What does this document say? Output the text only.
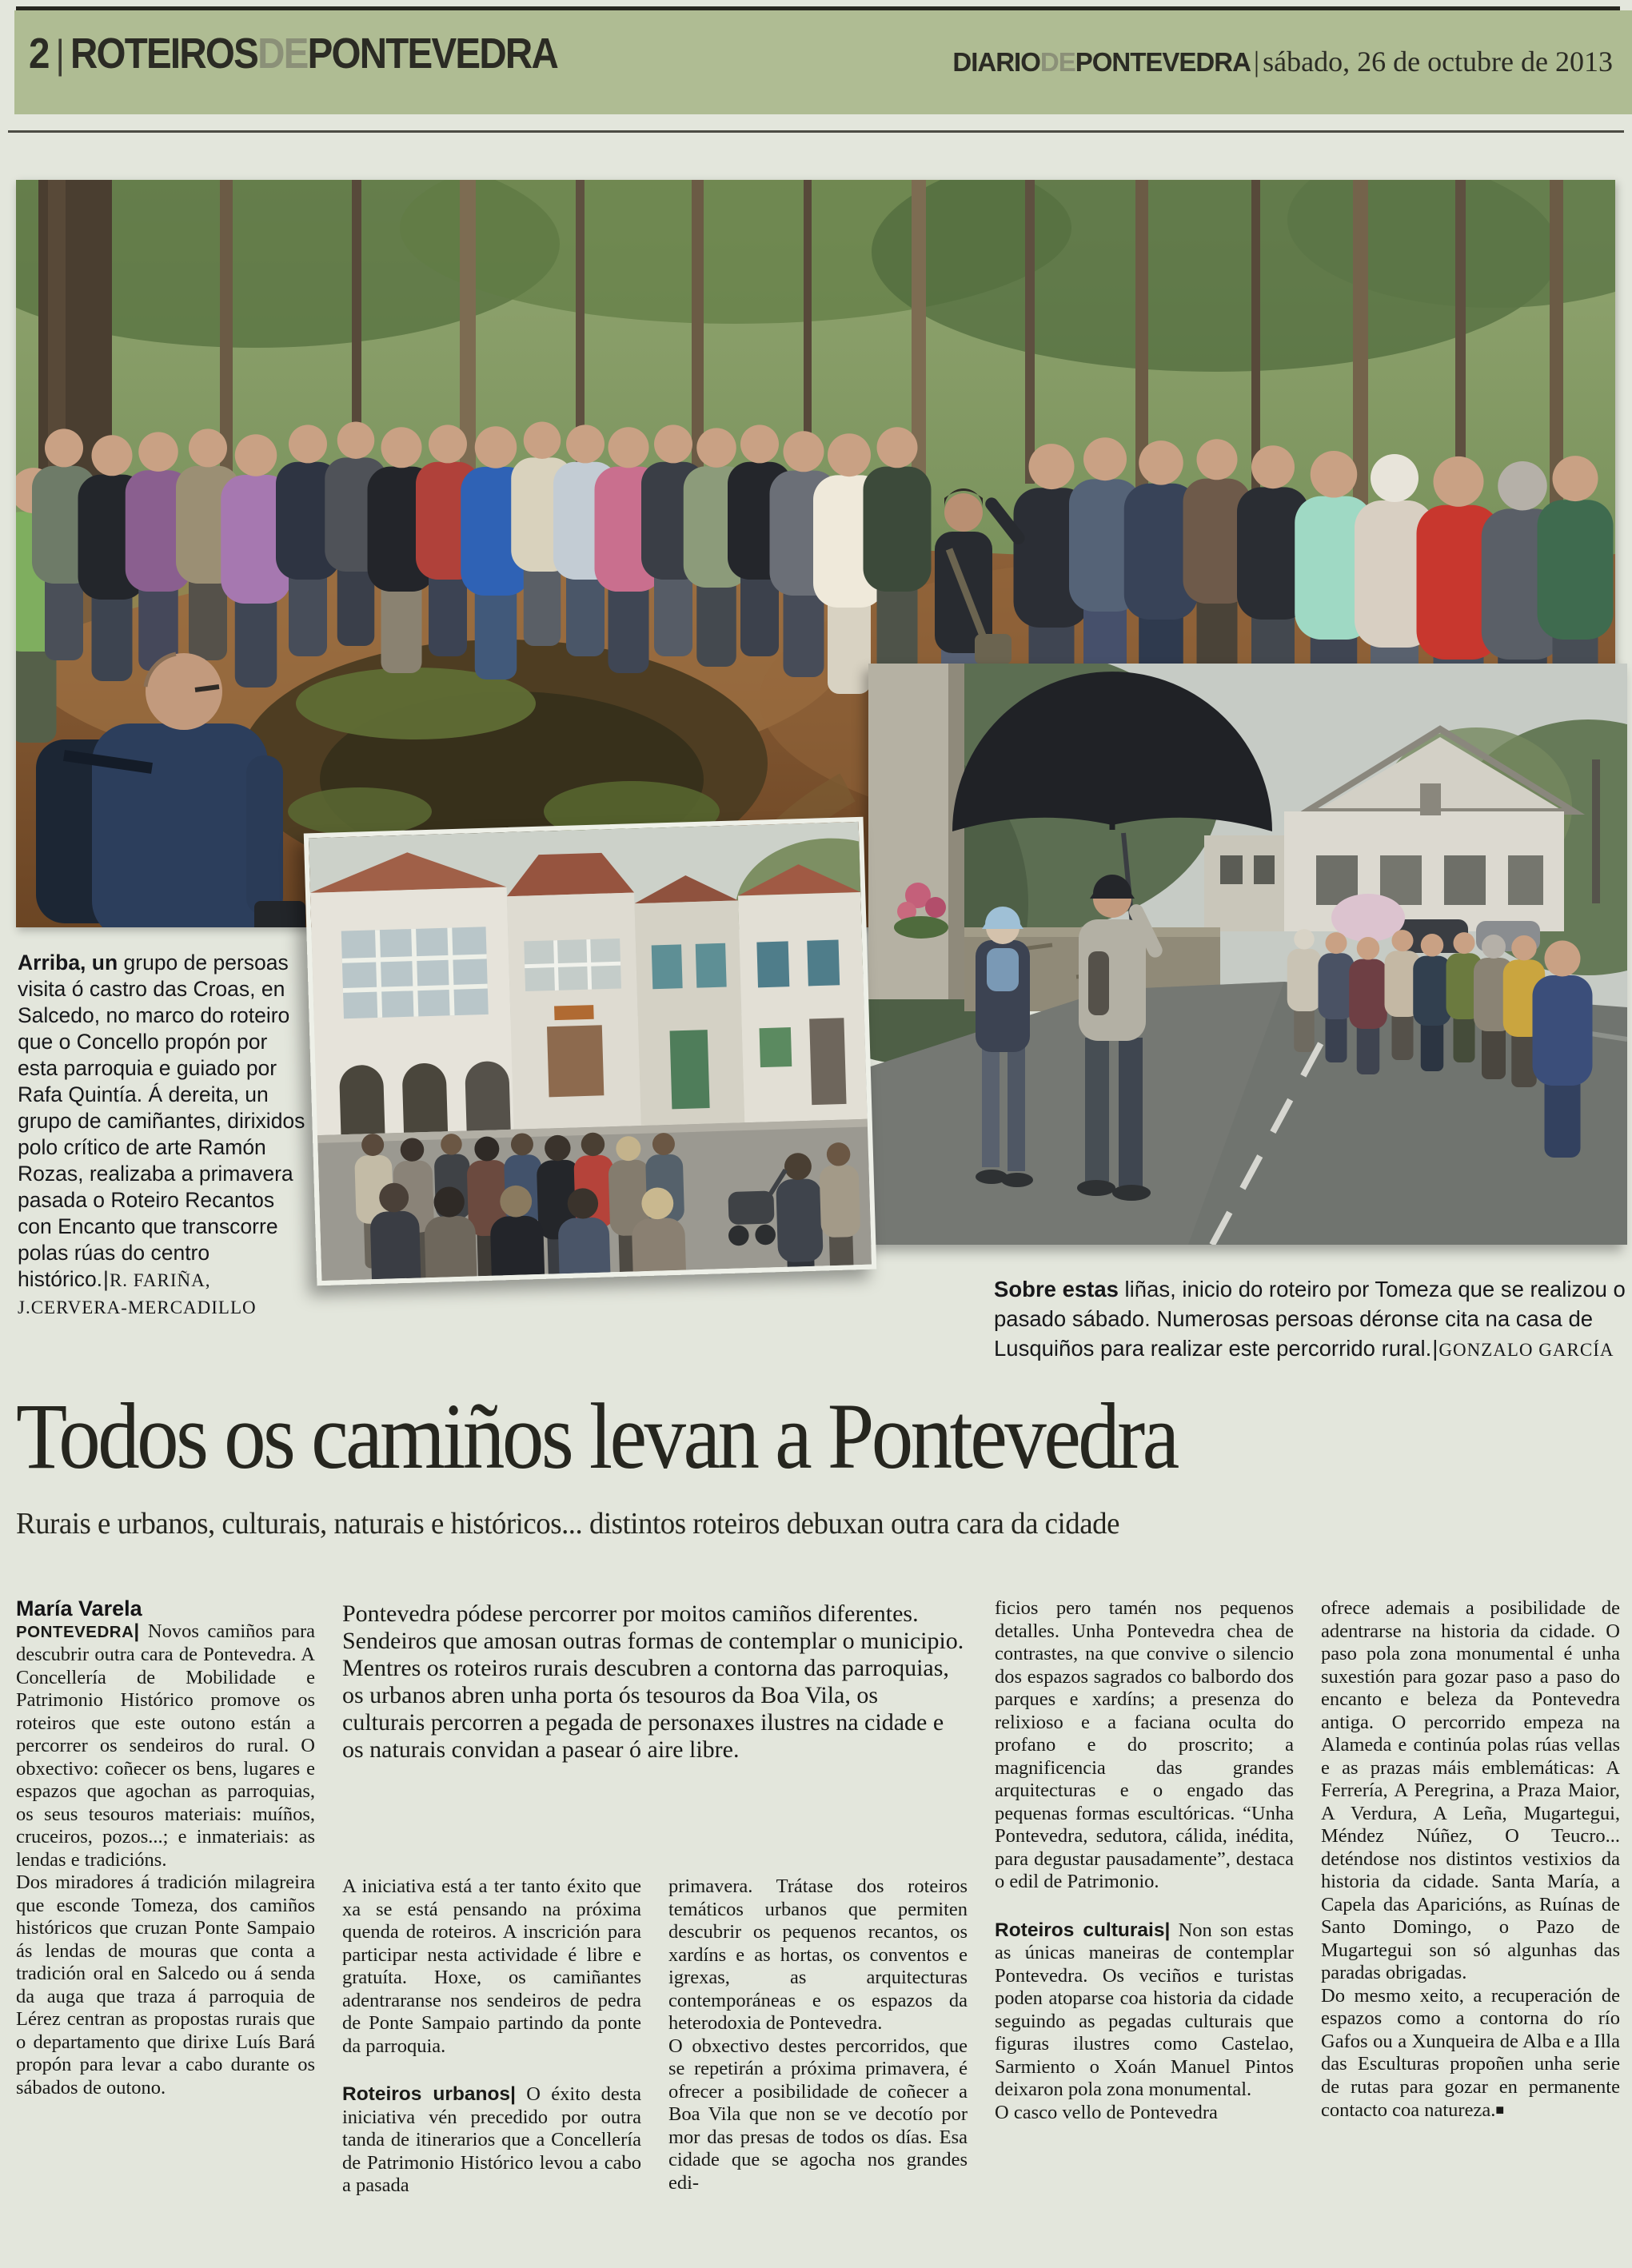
2 | ROTEIROSDEPONTEVEDRA	DIARIODEPONTEVEDRA | sábado, 26 de octubre de 2013
Arriba, un grupo de persoas visita ó castro das Croas, en Salcedo, no marco do roteiro que o Concello propón por esta parroquia e guiado por Rafa Quintía. Á dereita, un grupo de camiñantes, dirixidos polo crítico de arte Ramón Rozas, realizaba a primavera pasada o Roteiro Recantos con Encanto que transcorre polas rúas do centro histórico.|R. FARIÑA, J.CERVERA-MERCADILLO
Sobre estas liñas, inicio do roteiro por Tomeza que se realizou o pasado sábado. Numerosas persoas déronse cita na casa de Lusquiños para realizar este percorrido rural.|GONZALO GARCÍA
Todos os camiños levan a Pontevedra
Rurais e urbanos, culturais, naturais e históricos... distintos roteiros debuxan outra cara da cidade

María Varela

PONTEVEDRA| Novos camiños para descubrir outra cara de Pontevedra. A Concellería de Mobilidade e Patrimonio Histórico promove os roteiros que este outono están a percorrer os sendeiros do rural. O obxectivo: coñecer os bens, lugares e espazos que agochan as parroquias, os seus tesouros materiais: muíños, cruceiros, pozos...; e inmateriais: as lendas e tradicións.

Dos miradores á tradición milagreira que esconde Tomeza, dos camiños históricos que cruzan Ponte Sampaio ás lendas de mouras que conta a tradición oral en Salcedo ou á senda da auga que traza á parroquia de Lérez centran as propostas rurais que o departamento que dirixe Luís Bará propón para levar a cabo durante os sábados de outono.

Pontevedra pódese percorrer por moitos camiños diferentes. Sendeiros que amosan outras formas de contemplar o municipio. Mentres os roteiros rurais descubren a contorna das parroquias, os urbanos abren unha porta ós tesouros da Boa Vila, os culturais percorren a pegada de personaxes ilustres na cidade e os naturais convidan a pasear ó aire libre.

A iniciativa está a ter tanto éxito que xa se está pensando na próxima quenda de roteiros. A inscrición para participar nesta actividade é libre e gratuíta. Hoxe, os camiñantes adentraranse nos sendeiros de pedra de Ponte Sampaio partindo da ponte da parroquia.

Roteiros urbanos| O éxito desta iniciativa vén precedido por outra tanda de itinerarios que a Concellería de Patrimonio Histórico levou a cabo a pasada

primavera. Trátase dos roteiros temáticos urbanos que permiten descubrir os pequenos recantos, os xardíns e as hortas, os conventos e igrexas, as arquitecturas contemporáneas e os espazos da heterodoxia de Pontevedra.

O obxectivo destes percorridos, que se repetirán a próxima primavera, é ofrecer a posibilidade de coñecer a Boa Vila que non se ve decotío por mor das presas de todos os días. Esa cidade que se agocha nos grandes edi-

ficios pero tamén nos pequenos detalles. Unha Pontevedra chea de contrastes, na que convive o silencio dos espazos sagrados co balbordo dos parques e xardíns; a presenza do relixioso e a faciana oculta do profano e do proscrito; a magnificencia das grandes arquitecturas e o engado das pequenas formas escultóricas. “Unha Pontevedra, sedutora, cálida, inédita, para degustar pausadamente”, destaca o edil de Patrimonio.

Roteiros culturais| Non son estas as únicas maneiras de contemplar Pontevedra. Os veciños e turistas poden atoparse coa historia da cidade seguindo as pegadas culturais que figuras ilustres como Castelao, Sarmiento o Xoán Manuel Pintos deixaron pola zona monumental.

O casco vello de Pontevedra

ofrece ademais a posibilidade de adentrarse na historia da cidade. O paso pola zona monumental é unha suxestión para gozar paso a paso do encanto e beleza da Pontevedra antiga. O percorrido empeza na Alameda e continúa polas rúas vellas e as prazas máis emblemáticas: A Ferrería, A Peregrina, a Praza Maior, A Verdura, A Leña, Mugartegui, Méndez Núñez, O Teucro... deténdose nos distintos vestixios da historia da cidade. Santa María, a Capela das Aparicións, as Ruínas de Santo Domingo, o Pazo de Mugartegui son só algunhas das paradas obrigadas.

Do mesmo xeito, a recuperación de espazos como a contorna do río Gafos ou a Xunqueira de Alba e a Illa das Esculturas propoñen unha serie de rutas para gozar en permanente contacto coa natureza.■
